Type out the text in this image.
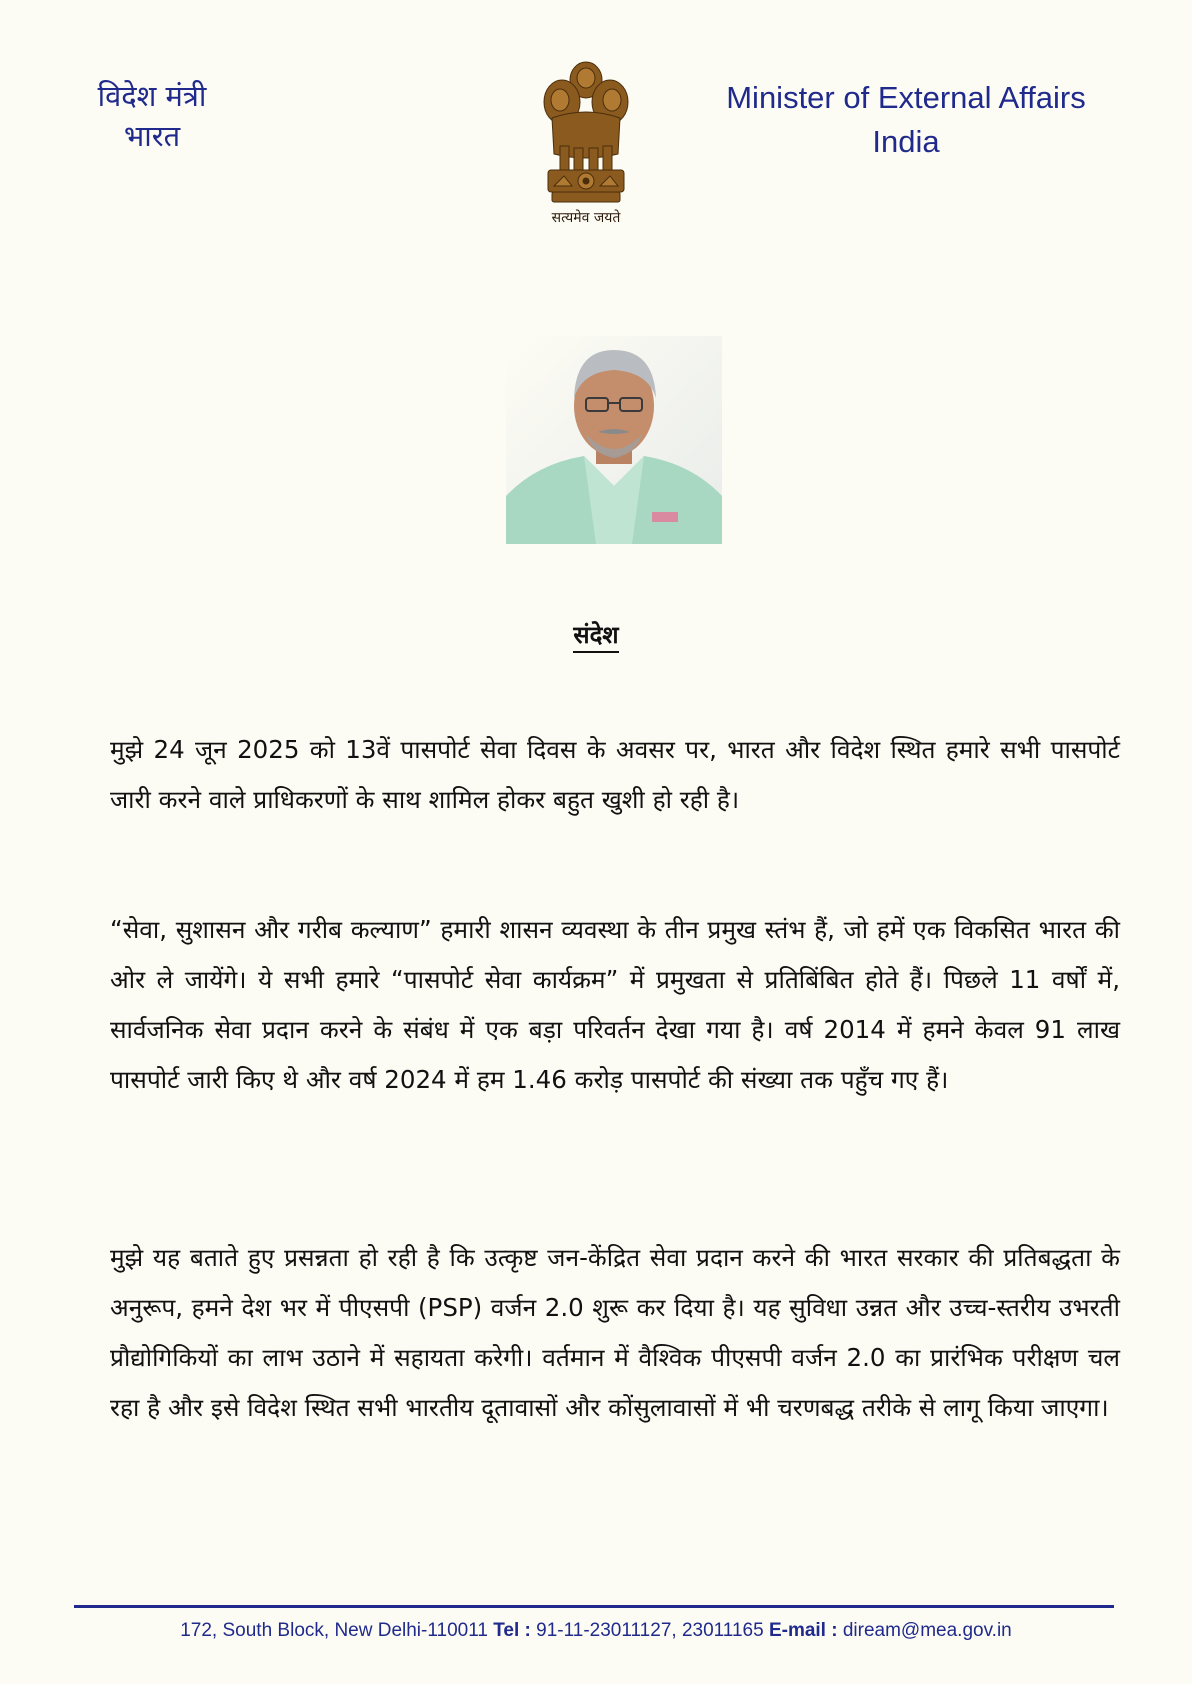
विदेश मंत्री
भारत
सत्यमेव जयते
Minister of External Affairs
India
संदेश

मुझे 24 जून 2025 को 13वें पासपोर्ट सेवा दिवस के अवसर पर, भारत और विदेश स्थित हमारे सभी पासपोर्ट जारी करने वाले प्राधिकरणों के साथ शामिल होकर बहुत खुशी हो रही है।

“सेवा, सुशासन और गरीब कल्याण” हमारी शासन व्यवस्था के तीन प्रमुख स्तंभ हैं, जो हमें एक विकसित भारत की ओर ले जायेंगे। ये सभी हमारे “पासपोर्ट सेवा कार्यक्रम” में प्रमुखता से प्रतिबिंबित होते हैं। पिछले 11 वर्षों में, सार्वजनिक सेवा प्रदान करने के संबंध में एक बड़ा परिवर्तन देखा गया है। वर्ष 2014 में हमने केवल 91 लाख पासपोर्ट जारी किए थे और वर्ष 2024 में हम 1.46 करोड़ पासपोर्ट की संख्या तक पहुँच गए हैं।

मुझे यह बताते हुए प्रसन्नता हो रही है कि उत्कृष्ट जन-केंद्रित सेवा प्रदान करने की भारत सरकार की प्रतिबद्धता के अनुरूप, हमने देश भर में पीएसपी (PSP) वर्जन 2.0 शुरू कर दिया है। यह सुविधा उन्नत और उच्च-स्तरीय उभरती प्रौद्योगिकियों का लाभ उठाने में सहायता करेगी। वर्तमान में वैश्विक पीएसपी वर्जन 2.0 का प्रारंभिक परीक्षण चल रहा है और इसे विदेश स्थित सभी भारतीय दूतावासों और कोंसुलावासों में भी चरणबद्ध तरीके से लागू किया जाएगा।

172, South Block, New Delhi-110011 Tel : 91-11-23011127, 23011165 E-mail : diream@mea.gov.in
